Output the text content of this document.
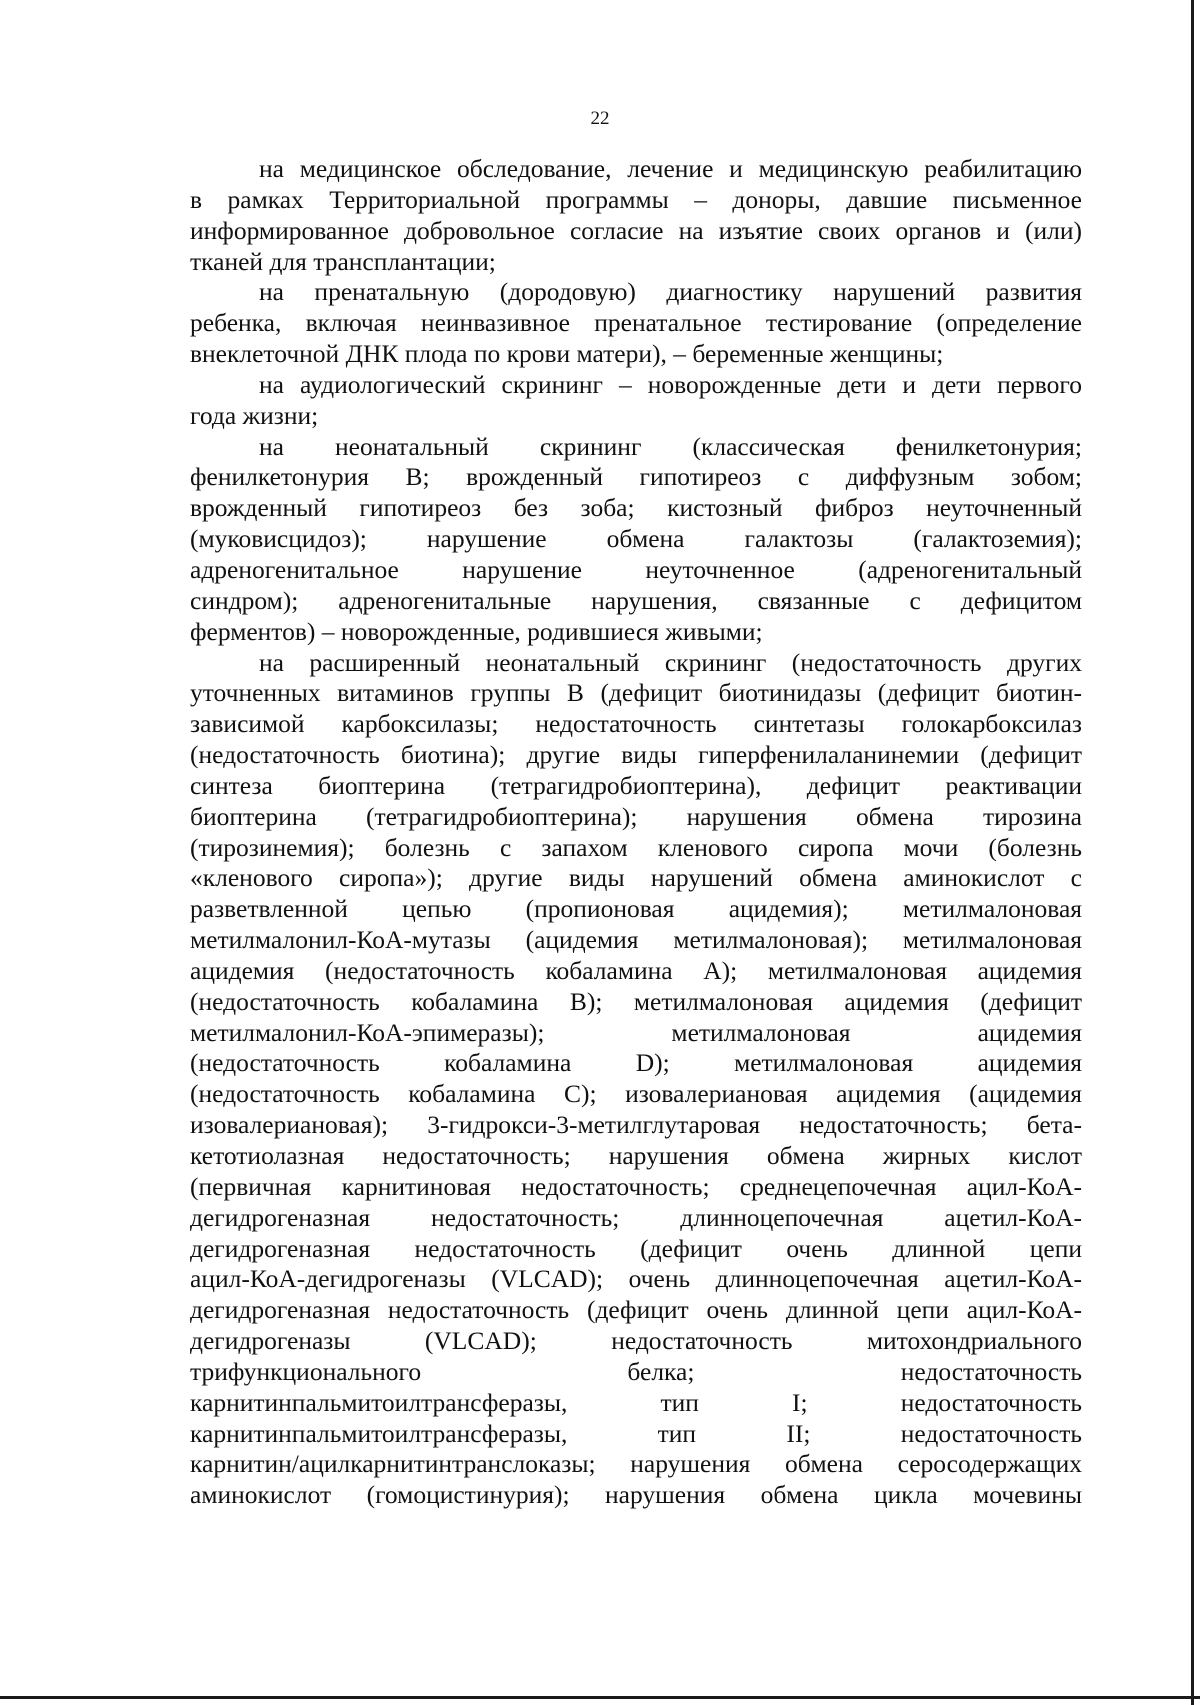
22
на медицинское обследование, лечение и медицинскую реабилитацию
в рамках Территориальной программы – доноры, давшие письменное
информированное добровольное согласие на изъятие своих органов и (или)
тканей для трансплантации;
на пренатальную (дородовую) диагностику нарушений развития
ребенка, включая неинвазивное пренатальное тестирование (определение
внеклеточной ДНК плода по крови матери), – беременные женщины;
на аудиологический скрининг – новорожденные дети и дети первого
года жизни;
на неонатальный скрининг (классическая фенилкетонурия;
фенилкетонурия B; врожденный гипотиреоз с диффузным зобом;
врожденный гипотиреоз без зоба; кистозный фиброз неуточненный
(муковисцидоз); нарушение обмена галактозы (галактоземия);
адреногенитальное нарушение неуточненное (адреногенитальный
синдром); адреногенитальные нарушения, связанные с дефицитом
ферментов) – новорожденные, родившиеся живыми;
на расширенный неонатальный скрининг (недостаточность других
уточненных витаминов группы B (дефицит биотинидазы (дефицит биотин-
зависимой карбоксилазы; недостаточность синтетазы голокарбоксилаз
(недостаточность биотина); другие виды гиперфенилаланинемии (дефицит
синтеза биоптерина (тетрагидробиоптерина), дефицит реактивации
биоптерина (тетрагидробиоптерина); нарушения обмена тирозина
(тирозинемия); болезнь с запахом кленового сиропа мочи (болезнь
«кленового сиропа»); другие виды нарушений обмена аминокислот с
разветвленной цепью (пропионовая ацидемия); метилмалоновая
метилмалонил-КоА-мутазы (ацидемия метилмалоновая); метилмалоновая
ацидемия (недостаточность кобаламина A); метилмалоновая ацидемия
(недостаточность кобаламина B); метилмалоновая ацидемия (дефицит
метилмалонил-КоА-эпимеразы); метилмалоновая ацидемия
(недостаточность кобаламина D); метилмалоновая ацидемия
(недостаточность кобаламина C); изовалериановая ацидемия (ацидемия
изовалериановая); 3-гидрокси-3-метилглутаровая недостаточность; бета-
кетотиолазная недостаточность; нарушения обмена жирных кислот
(первичная карнитиновая недостаточность; среднецепочечная ацил-КоА-
дегидрогеназная недостаточность; длинноцепочечная ацетил-КоА-
дегидрогеназная недостаточность (дефицит очень длинной цепи
ацил-КоА-дегидрогеназы (VLCAD); очень длинноцепочечная ацетил-КоА-
дегидрогеназная недостаточность (дефицит очень длинной цепи ацил-КоА-
дегидрогеназы (VLCAD); недостаточность митохондриального
трифункционального белка; недостаточность
карнитинпальмитоилтрансферазы, тип I; недостаточность
карнитинпальмитоилтрансферазы, тип II; недостаточность
карнитин/ацилкарнитинтранслоказы; нарушения обмена серосодержащих
аминокислот (гомоцистинурия); нарушения обмена цикла мочевины
